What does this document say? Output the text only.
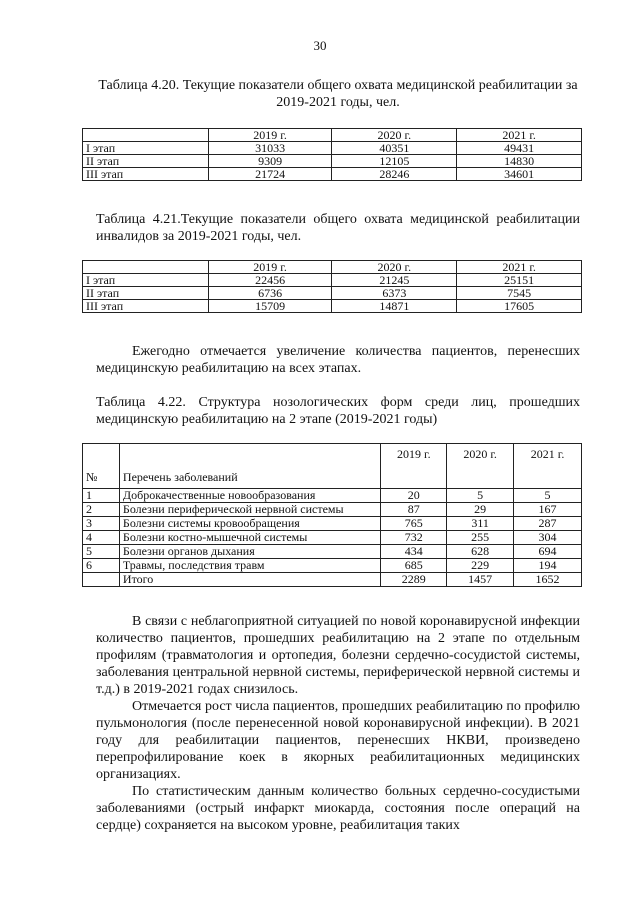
30
Таблица 4.20. Текущие показатели общего охвата медицинской реабилитации за 2019-2021 годы, чел.
	2019 г.	2020 г.	2021 г.
I этап	31033	40351	49431
II этап	9309	12105	14830
III этап	21724	28246	34601
Таблица 4.21.Текущие показатели общего охвата медицинской реабилитации инвалидов за 2019-2021 годы, чел.
	2019 г.	2020 г.	2021 г.
I этап	22456	21245	25151
II этап	6736	6373	7545
III этап	15709	14871	17605
Ежегодно отмечается увеличение количества пациентов, перенесших медицинскую реабилитацию на всех этапах.
Таблица 4.22. Структура нозологических форм среди лиц, прошедших медицинскую реабилитацию на 2 этапе (2019-2021 годы)
№	Перечень заболеваний	2019 г.	2020 г.	2021 г.
1	Доброкачественные новообразования	20	5	5
2	Болезни периферической нервной системы	87	29	167
3	Болезни системы кровообращения	765	311	287
4	Болезни костно-мышечной системы	732	255	304
5	Болезни органов дыхания	434	628	694
6	Травмы, последствия травм	685	229	194
	Итого	2289	1457	1652
В связи с неблагоприятной ситуацией по новой коронавирусной инфекции количество пациентов, прошедших реабилитацию на 2 этапе по отдельным профилям (травматология и ортопедия, болезни сердечно-сосудистой системы, заболевания центральной нервной системы, периферической нервной системы и т.д.) в 2019-2021 годах снизилось.
Отмечается рост числа пациентов, прошедших реабилитацию по профилю пульмонология (после перенесенной новой коронавирусной инфекции). В 2021 году для реабилитации пациентов, перенесших НКВИ, произведено перепрофилирование коек в якорных реабилитационных медицинских организациях.
По статистическим данным количество больных сердечно-сосудистыми заболеваниями (острый инфаркт миокарда, состояния после операций на сердце) сохраняется на высоком уровне, реабилитация таких
